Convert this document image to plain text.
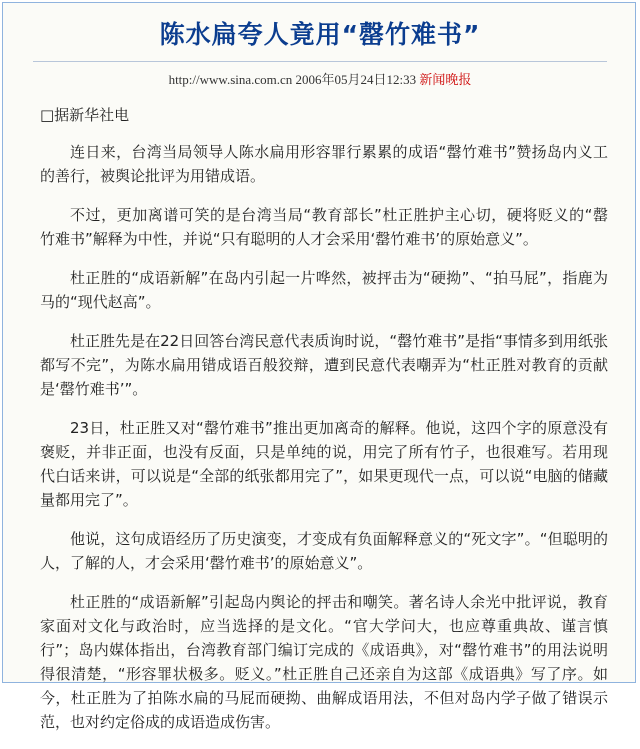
陈水扁夸人竟用“罄竹难书”
http://www.sina.com.cn 2006年05月24日12:33 新闻晚报

□据新华社电

连日来，台湾当局领导人陈水扁用形容罪行累累的成语“罄竹难书”赞扬岛内义工的善行，被舆论批评为用错成语。

不过，更加离谱可笑的是台湾当局“教育部长”杜正胜护主心切，硬将贬义的“罄 竹难书”解释为中性，并说“只有聪明的人才会采用‘罄竹难书’的原始意义”。

杜正胜的“成语新解”在岛内引起一片哗然，被抨击为“硬拗”、“拍马屁”，指鹿为马的“现代赵高”。

杜正胜先是在22日回答台湾民意代表质询时说，“罄竹难书”是指“事情多到用纸张都写不完”，为陈水扁用错成语百般狡辩，遭到民意代表嘲弄为“杜正胜对教育的贡献是‘罄竹难书’”。

23日，杜正胜又对“罄竹难书”推出更加离奇的解释。他说，这四个字的原意没有褒贬，并非正面，也没有反面，只是单纯的说，用完了所有竹子，也很难写。若用现代白话来讲，可以说是“全部的纸张都用完了”，如果更现代一点，可以说“电脑的储藏量都用完了”。

他说，这句成语经历了历史演变，才变成有负面解释意义的“死文字”。“但聪明的人，了解的人，才会采用‘罄竹难书’的原始意义”。

杜正胜的“成语新解”引起岛内舆论的抨击和嘲笑。著名诗人余光中批评说，教育家面对文化与政治时，应当选择的是文化。“官大学问大，也应尊重典故、谨言慎行”；岛内媒体指出，台湾教育部门编订完成的《成语典》，对“罄竹难书”的用法说明得很清楚，“形容罪状极多。贬义。”杜正胜自己还亲自为这部《成语典》写了序。如今，杜正胜为了拍陈水扁的马屁而硬拗、曲解成语用法，不但对岛内学子做了错误示范，也对约定俗成的成语造成伤害。
